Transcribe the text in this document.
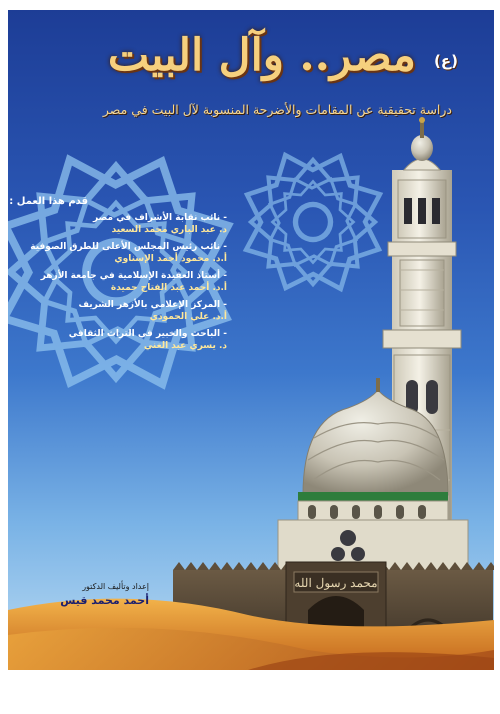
محمد رسول الله
مصر.. وآل البيت (ع)
دراسة تحقيقية عن المقامات والأضرحة المنسوبة لآل البيت في مصر
قدم هذا العمل :
- نائب نقابة الأشراف في مصر
د. عبد الباري محمد السعيد
- نائب رئيس المجلس الأعلى للطرق الصوفية
أ.د. محمود أحمد الإسناوي
- أستاذ العقيدة الإسلامية في جامعة الأزهر
أ.د. أحمد عبد الفتاح حميدة
- المركز الإعلامي بالأزهر الشريف
أ.د. علي الحمودي
- الباحث والخبير في التراث الثقافي
د. يسري عبد الغني
إعداد وتأليف الدكتور
أحمد محمد قيس
